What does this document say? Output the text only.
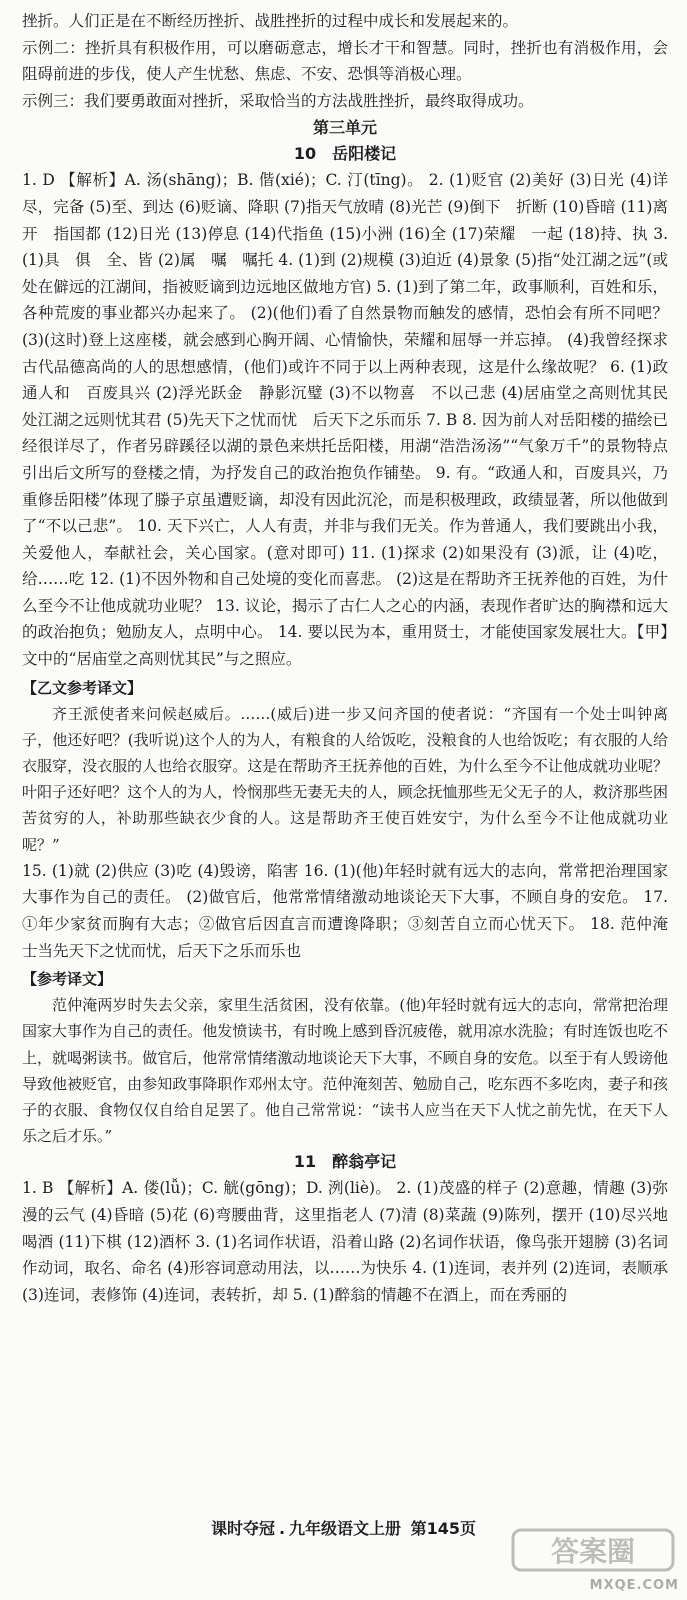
挫折。人们正是在不断经历挫折、战胜挫折的过程中成长和发展起来的。

示例二：挫折具有积极作用，可以磨砺意志，增长才干和智慧。同时，挫折也有消极作用，会阻碍前进的步伐，使人产生忧愁、焦虑、不安、恐惧等消极心理。

示例三：我们要勇敢面对挫折，采取恰当的方法战胜挫折，最终取得成功。

第三单元
10　岳阳楼记

1. D 【解析】A. 汤(shāng)；B. 偕(xié)；C. 汀(tīng)。 2. (1)贬官 (2)美好 (3)日光 (4)详尽，完备 (5)至、到达 (6)贬谪、降职 (7)指天气放晴 (8)光芒 (9)倒下　折断 (10)昏暗 (11)离开　指国都 (12)日光 (13)停息 (14)代指鱼 (15)小洲 (16)全 (17)荣耀　一起 (18)持、执 3. (1)具　俱　全、皆 (2)属　嘱　嘱托 4. (1)到 (2)规模 (3)迫近 (4)景象 (5)指“处江湖之远”(或处在僻远的江湖间，指被贬谪到边远地区做地方官) 5. (1)到了第二年，政事顺利，百姓和乐，各种荒废的事业都兴办起来了。 (2)(他们)看了自然景物而触发的感情，恐怕会有所不同吧？ (3)(这时)登上这座楼，就会感到心胸开阔、心情愉快，荣耀和屈辱一并忘掉。 (4)我曾经探求古代品德高尚的人的思想感情，(他们)或许不同于以上两种表现，这是什么缘故呢？ 6. (1)政通人和　百废具兴 (2)浮光跃金　静影沉璧 (3)不以物喜　不以己悲 (4)居庙堂之高则忧其民　处江湖之远则忧其君 (5)先天下之忧而忧　后天下之乐而乐 7. B 8. 因为前人对岳阳楼的描绘已经很详尽了，作者另辟蹊径以湖的景色来烘托岳阳楼，用湖“浩浩汤汤”“气象万千”的景物特点引出后文所写的登楼之情，为抒发自己的政治抱负作铺垫。 9. 有。“政通人和，百废具兴，乃重修岳阳楼”体现了滕子京虽遭贬谪，却没有因此沉沦，而是积极理政，政绩显著，所以他做到了“不以己悲”。 10. 天下兴亡，人人有责，并非与我们无关。作为普通人，我们要跳出小我，关爱他人，奉献社会，关心国家。(意对即可) 11. (1)探求 (2)如果没有 (3)派，让 (4)吃，给……吃 12. (1)不因外物和自己处境的变化而喜悲。 (2)这是在帮助齐王抚养他的百姓，为什么至今不让他成就功业呢？ 13. 议论，揭示了古仁人之心的内涵，表现作者旷达的胸襟和远大的政治抱负；勉励友人，点明中心。 14. 要以民为本，重用贤士，才能使国家发展壮大。【甲】文中的“居庙堂之高则忧其民”与之照应。

【乙文参考译文】

齐王派使者来问候赵威后。……(威后)进一步又问齐国的使者说：“齐国有一个处士叫钟离子，他还好吧？(我听说)这个人的为人，有粮食的人给饭吃，没粮食的人也给饭吃；有衣服的人给衣服穿，没衣服的人也给衣服穿。这是在帮助齐王抚养他的百姓，为什么至今不让他成就功业呢？叶阳子还好吧？这个人的为人，怜悯那些无妻无夫的人，顾念抚恤那些无父无子的人，救济那些困苦贫穷的人，补助那些缺衣少食的人。这是帮助齐王使百姓安宁，为什么至今不让他成就功业呢？”

15. (1)就 (2)供应 (3)吃 (4)毁谤，陷害 16. (1)(他)年轻时就有远大的志向，常常把治理国家大事作为自己的责任。 (2)做官后，他常常情绪激动地谈论天下大事，不顾自身的安危。 17. ①年少家贫而胸有大志；②做官后因直言而遭谗降职；③刻苦自立而心忧天下。 18. 范仲淹　士当先天下之忧而忧，后天下之乐而乐也

【参考译文】

范仲淹两岁时失去父亲，家里生活贫困，没有依靠。(他)年轻时就有远大的志向，常常把治理国家大事作为自己的责任。他发愤读书，有时晚上感到昏沉疲倦，就用凉水洗脸；有时连饭也吃不上，就喝粥读书。做官后，他常常情绪激动地谈论天下大事，不顾自身的安危。以至于有人毁谤他导致他被贬官，由参知政事降职作邓州太守。范仲淹刻苦、勉励自己，吃东西不多吃肉，妻子和孩子的衣服、食物仅仅自给自足罢了。他自己常常说：“读书人应当在天下人忧之前先忧，在天下人乐之后才乐。”

11　醉翁亭记

1. B 【解析】A. 偻(lǚ)；C. 觥(gōng)；D. 洌(liè)。 2. (1)茂盛的样子 (2)意趣，情趣 (3)弥漫的云气 (4)昏暗 (5)花 (6)弯腰曲背，这里指老人 (7)清 (8)菜蔬 (9)陈列，摆开 (10)尽兴地喝酒 (11)下棋 (12)酒杯 3. (1)名词作状语，沿着山路 (2)名词作状语，像鸟张开翅膀 (3)名词作动词，取名、命名 (4)形容词意动用法，以……为快乐 4. (1)连词，表并列 (2)连词，表顺承 (3)连词，表修饰 (4)连词，表转折，却 5. (1)醉翁的情趣不在酒上，而在秀丽的

课时夺冠 . 九年级语文上册 第145页
答案圈
MXQE.COM
